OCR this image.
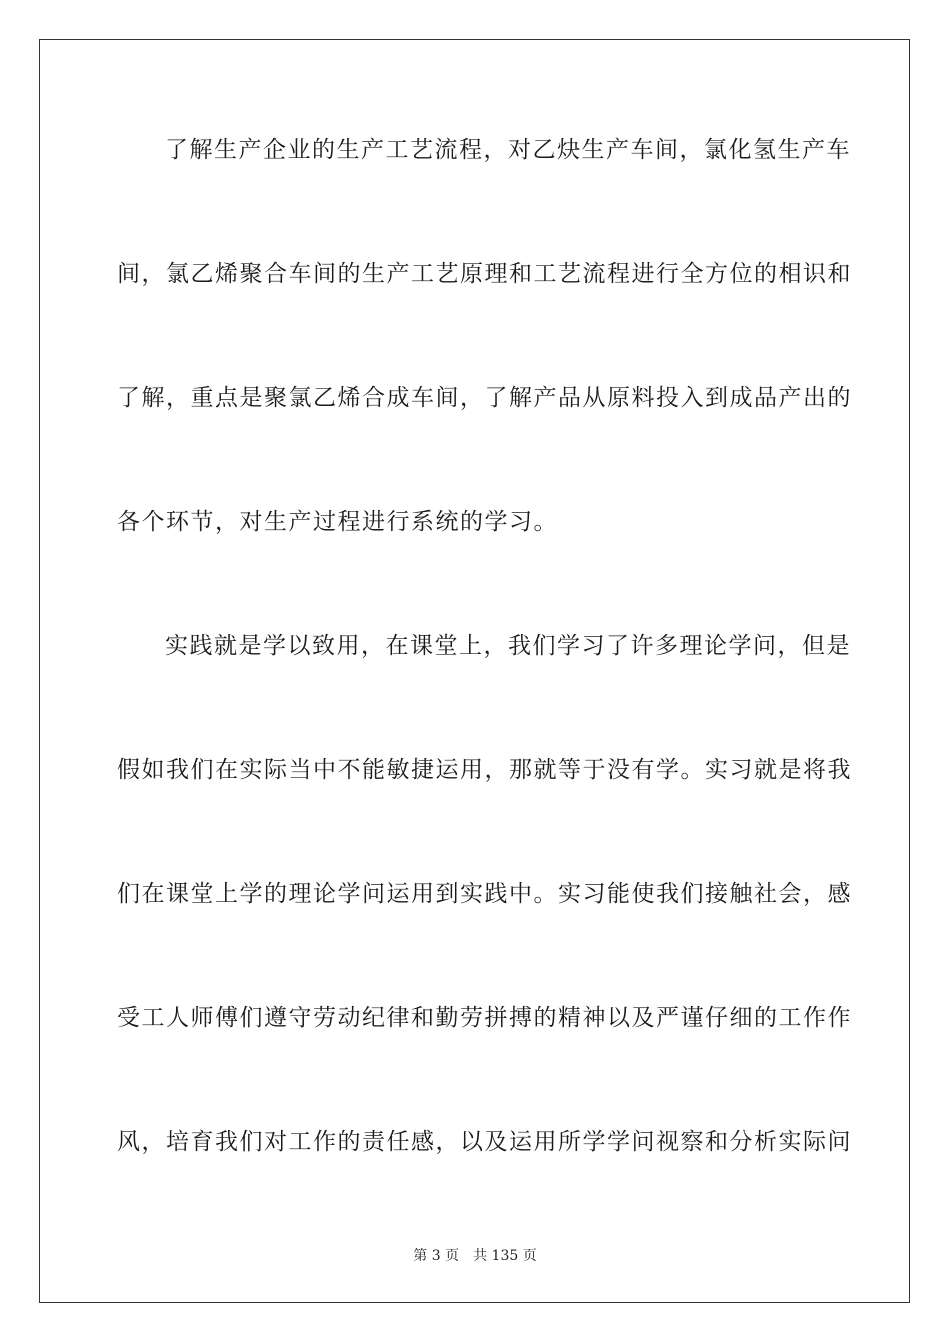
了解生产企业的生产工艺流程，对乙炔生产车间，氯化氢生产车
间，氯乙烯聚合车间的生产工艺原理和工艺流程进行全方位的相识和
了解，重点是聚氯乙烯合成车间，了解产品从原料投入到成品产出的
各个环节，对生产过程进行系统的学习。
实践就是学以致用，在课堂上，我们学习了许多理论学问，但是
假如我们在实际当中不能敏捷运用，那就等于没有学。实习就是将我
们在课堂上学的理论学问运用到实践中。实习能使我们接触社会，感
受工人师傅们遵守劳动纪律和勤劳拼搏的精神以及严谨仔细的工作作
风，培育我们对工作的责任感，以及运用所学学问视察和分析实际问
第 3 页 共 135 页
